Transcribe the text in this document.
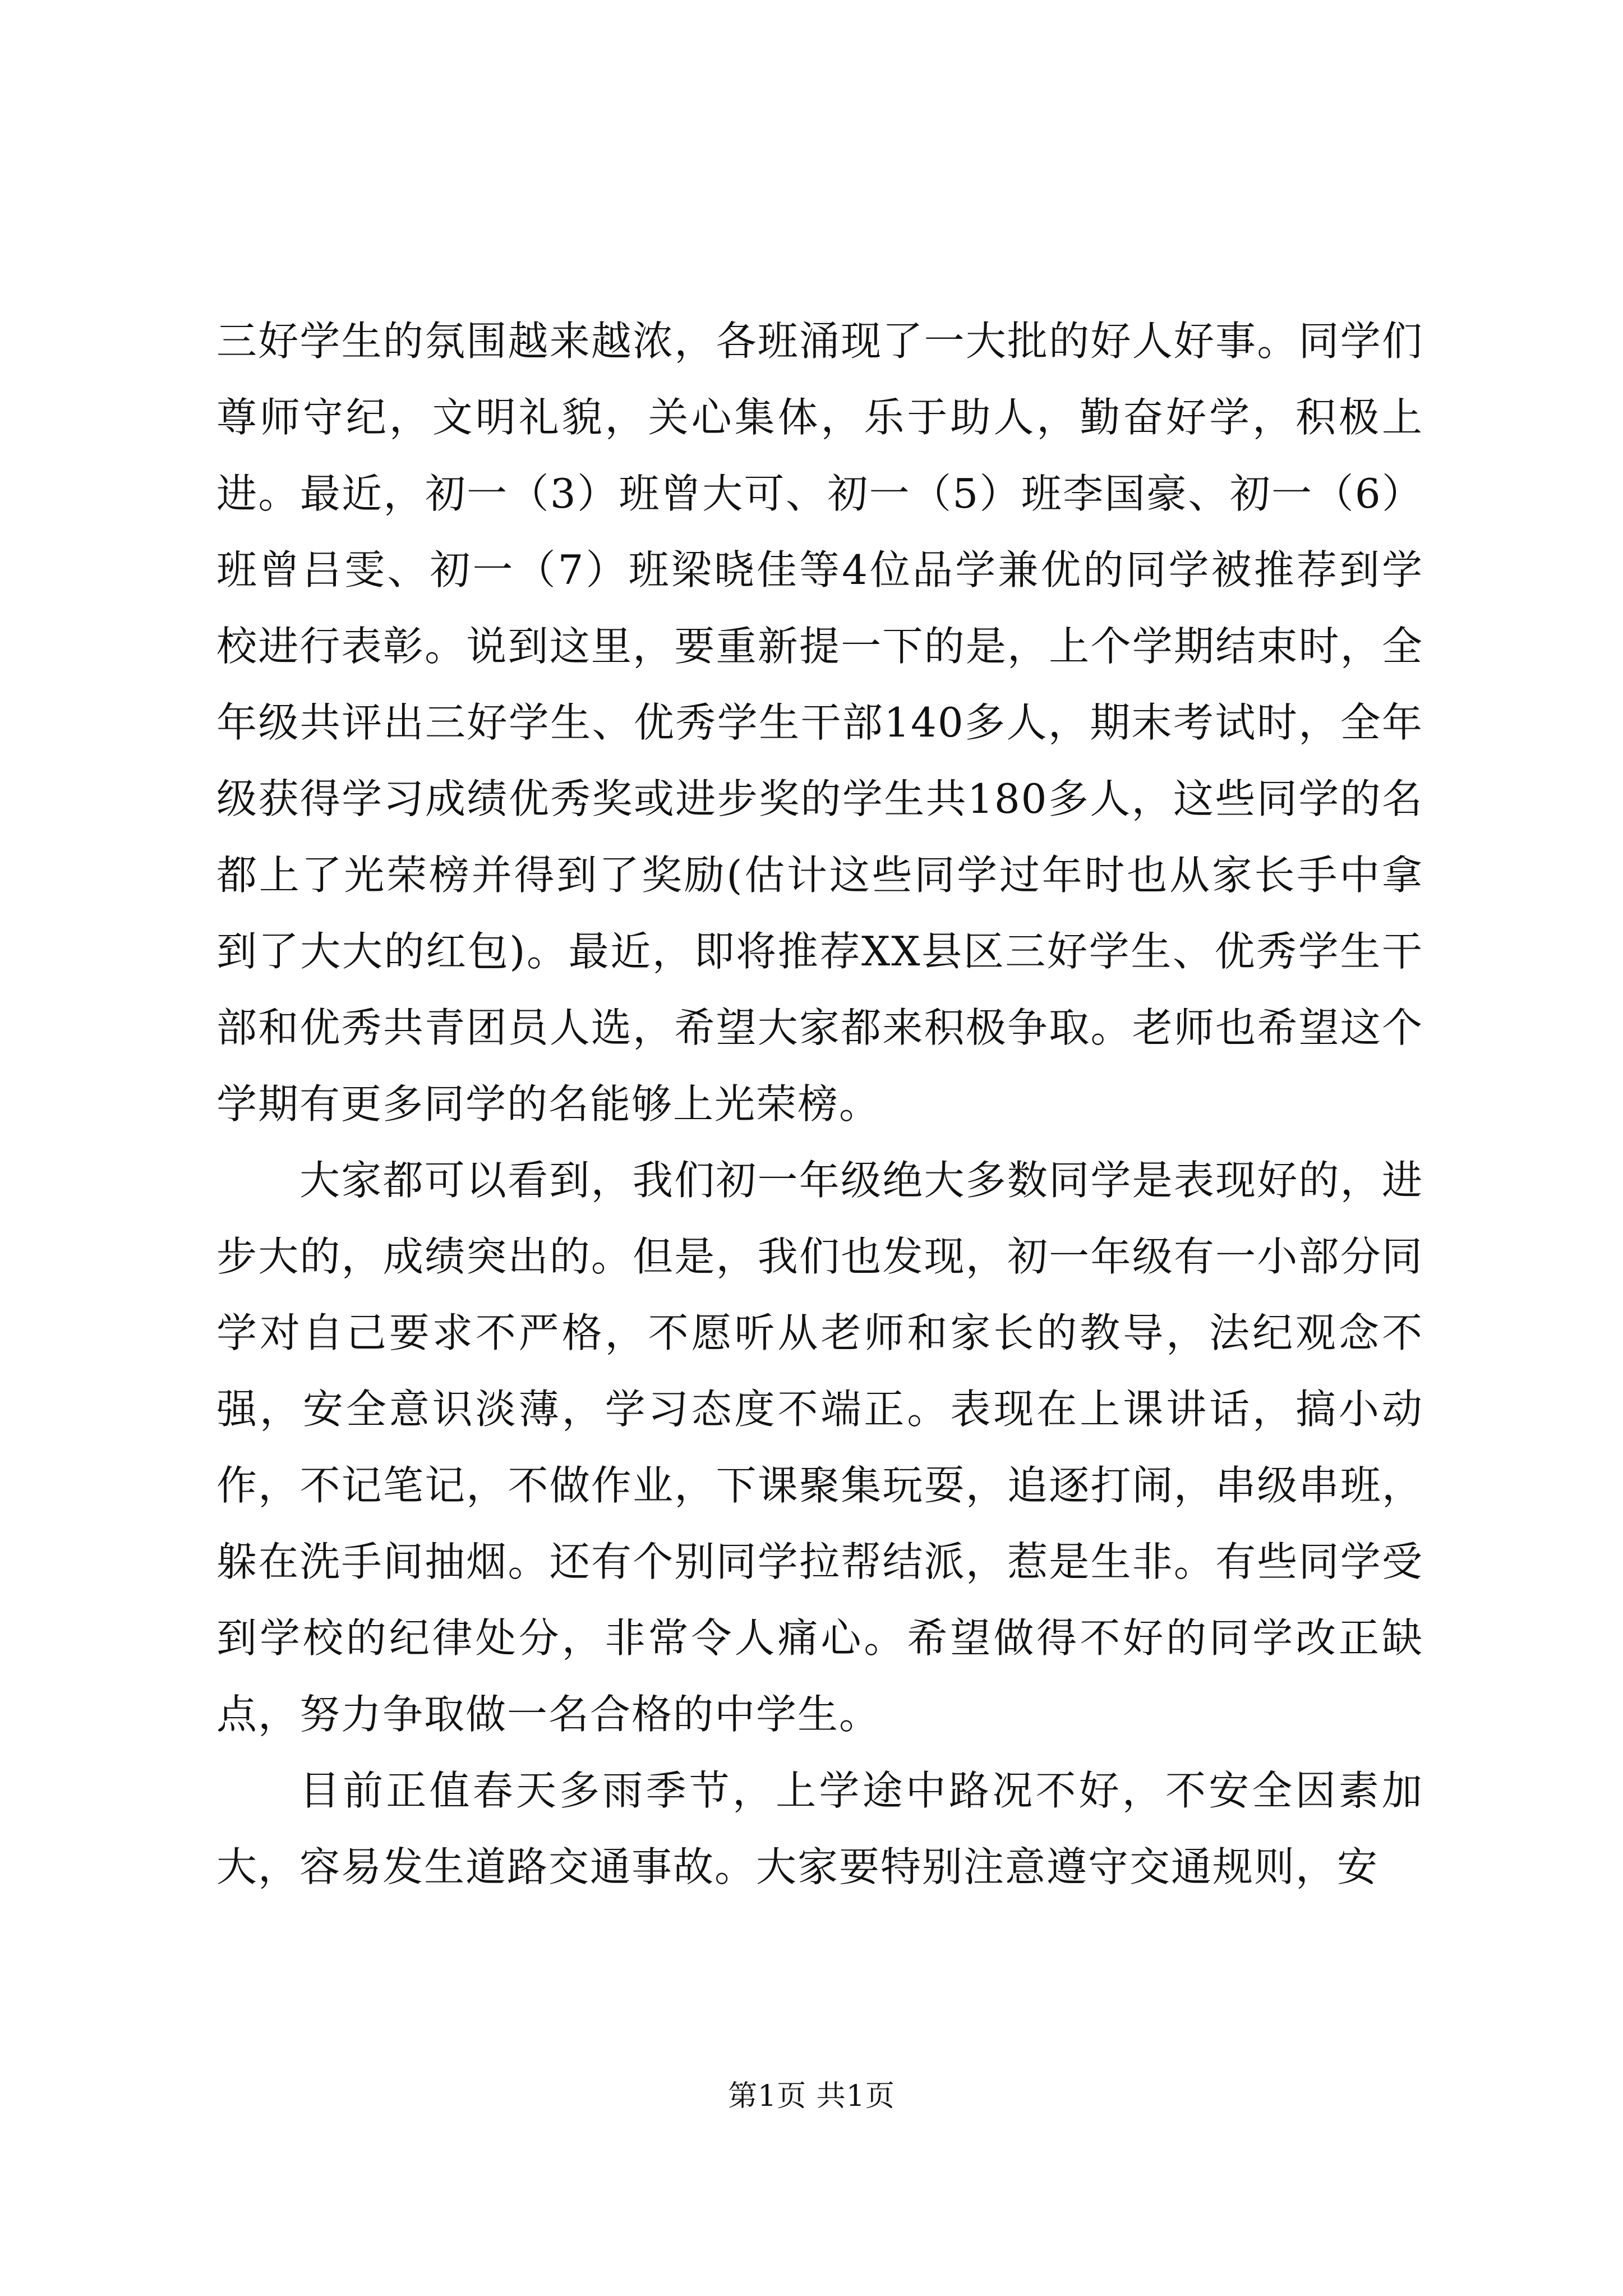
三好学生的氛围越来越浓，各班涌现了一大批的好人好事。同学们尊师守纪，文明礼貌，关心集体，乐于助人，勤奋好学，积极上进。最近，初一（3）班曾大可、初一（5）班李国豪、初一（6）班曾吕雯、初一（7）班梁晓佳等4位品学兼优的同学被推荐到学校进行表彰。说到这里，要重新提一下的是，上个学期结束时，全年级共评出三好学生、优秀学生干部140多人，期末考试时，全年级获得学习成绩优秀奖或进步奖的学生共180多人，这些同学的名都上了光荣榜并得到了奖励(估计这些同学过年时也从家长手中拿到了大大的红包)。最近，即将推荐XX县区三好学生、优秀学生干部和优秀共青团员人选，希望大家都来积极争取。老师也希望这个学期有更多同学的名能够上光荣榜。

大家都可以看到，我们初一年级绝大多数同学是表现好的，进步大的，成绩突出的。但是，我们也发现，初一年级有一小部分同学对自己要求不严格，不愿听从老师和家长的教导，法纪观念不强，安全意识淡薄，学习态度不端正。表现在上课讲话，搞小动作，不记笔记，不做作业，下课聚集玩耍，追逐打闹，串级串班，躲在洗手间抽烟。还有个别同学拉帮结派，惹是生非。有些同学受到学校的纪律处分，非常令人痛心。希望做得不好的同学改正缺点，努力争取做一名合格的中学生。

目前正值春天多雨季节，上学途中路况不好，不安全因素加大，容易发生道路交通事故。大家要特别注意遵守交通规则，安

第1页 共1页
